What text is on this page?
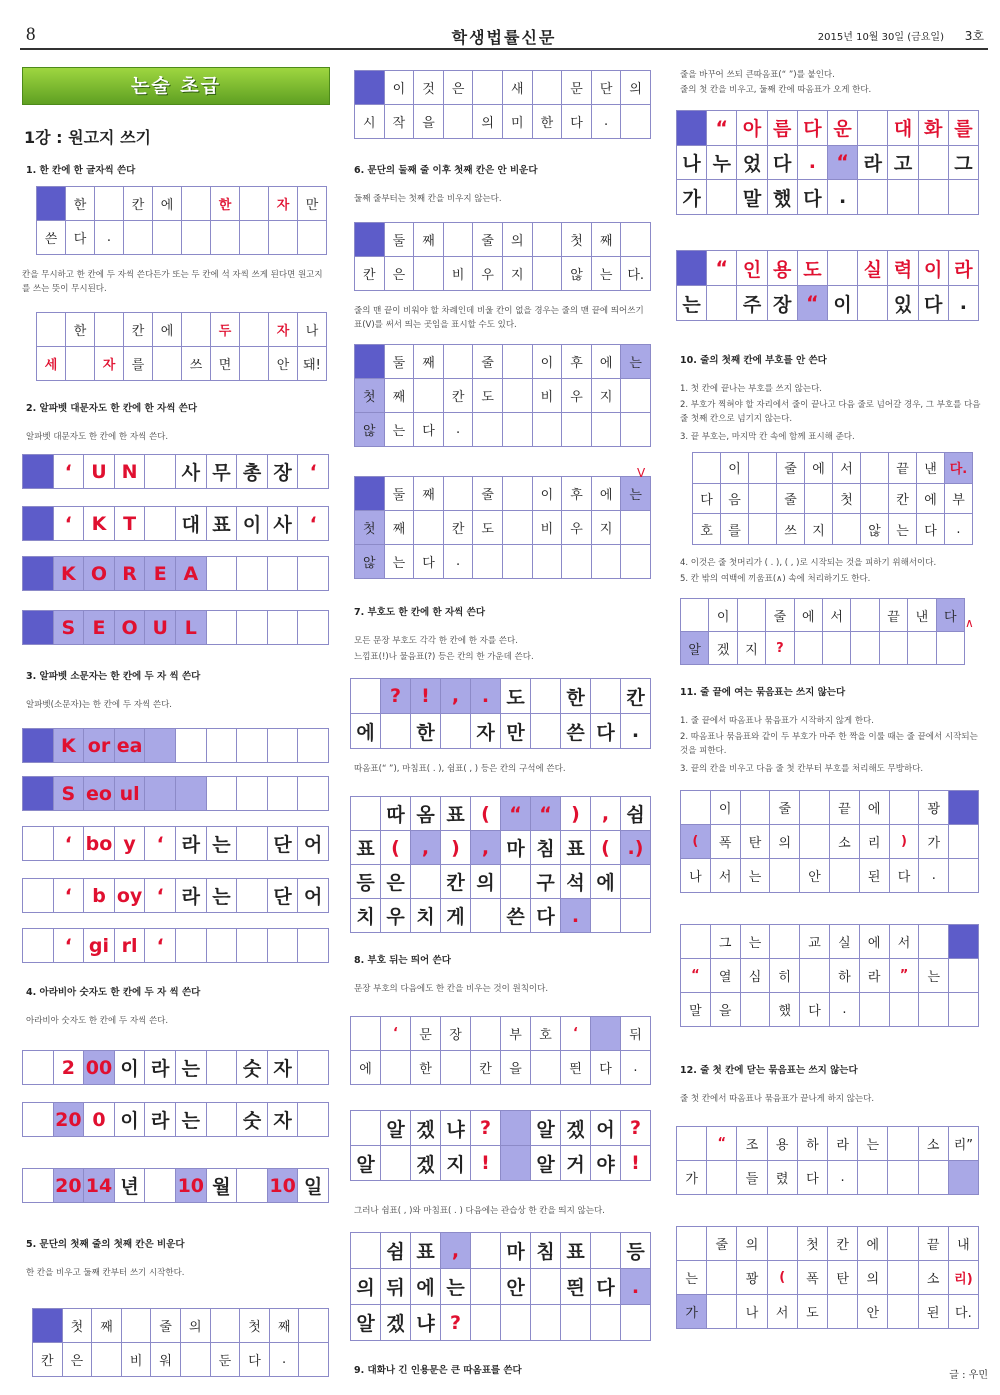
8	학생법률신문	2015년 10월 30일 (금요일) 3호
논술 초급
1강 : 원고지 쓰기
1. 한 칸에 한 글자씩 쓴다
한	칸	에	한	자	만
쓴	다	.
칸을 무시하고 한 칸에 두 자씩 쓴다든가 또는 두 칸에 석 자씩 쓰게 된다면 원고지를 쓰는 뜻이 무시된다.
한	칸	에	두	자	나
세	자	를	쓰	면	안	돼!
2. 알파벳 대문자도 한 칸에 한 자씩 쓴다
알파벳 대문자도 한 칸에 한 자씩 쓴다.
‘	U N	사 무 총 장 ‘
‘	K T	대 표 이 사 ‘
K O R E A
S E O U L
3. 알파벳 소문자는 한 칸에 두 자 씩 쓴다
알파벳(소문자)는 한 칸에 두 자씩 쓴다.
K or ea
S eo ul
‘ bo y	‘ 라 는	단 어
‘	b oy ‘ 라 는	단 어
‘ gi rl	‘
4. 아라비아 숫자도 한 칸에 두 자 씩 쓴다
아라비아 숫자도 한 칸에 두 자씩 쓴다.
2 00 이 라 는	숫 자
20 0 이 라 는	숫 자
20 14 년	10 월	10 일
5. 문단의 첫째 줄의 첫째 칸은 비운다
한 칸을 비우고 둘째 칸부터 쓰기 시작한다.
첫	째	줄	의	첫	째
칸	은	비	워	둔	다	.
이	것	은	새	문	단	의
시	작	을	의	미	한	다	.
6. 문단의 둘째 줄 이후 첫째 칸은 안 비운다
둘째 줄부터는 첫째 칸을 비우지 않는다.
둘	째	줄	의	첫	째
칸	은	비	우	지	않	는	다.
줄의 맨 끝이 비워야 할 차례인데 비울 칸이 없을 경우는 줄의 맨 끝에 띄어쓰기 표(V)를 써서 띄는 곳임을 표시할 수도 있다.
둘	째	줄	이	후	에	는
첫	째	칸	도	비	우	지
않	는	다	.
둘	째	줄	이	후	에	는
첫	째	칸	도	비	우	지
않	는	다	.
V
7. 부호도 한 칸에 한 자씩 쓴다
모든 문장 부호도 각각 한 칸에 한 자를 쓴다.
느낌표(!)나 물음표(?) 등은 칸의 한 가운데 쓴다.
?	!	,	. 도	한	칸
에	한	자 만	쓴 다 .
따옴표(“ ”), 마침표( . ), 쉼표( , ) 등은 칸의 구석에 쓴다.
따 옴 표 (	“ “	)	, 쉼
표 (	,	)	, 마 침 표 ( .)
등 은	칸 의	구 석 에
치 우 치 게	쓴 다 .
8. 부호 뒤는 띄어 쓴다
문장 부호의 다음에도 한 칸을 비우는 것이 원칙이다.
‘	문	장	부	호	‘	뒤
에	한	칸	을	띈	다	.
알 겠 냐 ?	알 겠 어 ?
알	겠 지 !	알 거 야 !
그러나 쉼표( , )와 마침표( . ) 다음에는 관습상 한 칸을 띄지 않는다.
쉼 표 ,	마 침 표	등
의 뒤 에 는	안	띈 다 .
알 겠 냐 ?
9. 대화나 긴 인용문은 큰 따옴표를 쓴다
줄을 바꾸어 쓰되 큰따옴표(“ ”)를 붙인다.
줄의 첫 칸을 비우고, 둘째 칸에 따옴표가 오게 한다.
“ 아 름 다 운	대 화 를
나 누 었 다 .	“ 라 고	그
가	말 했 다 .
“ 인 용 도	실 력 이 라
는	주 장 “ 이	있 다 .
10. 줄의 첫째 칸에 부호를 안 쓴다
1. 첫 칸에 끝나는 부호를 쓰지 않는다.
2. 부호가 찍혀야 할 자리에서 줄이 끝나고 다음 줄로 넘어갈 경우, 그 부호를 다음 줄 첫째 칸으로 넘기지 않는다.
3. 끝 부호는, 마지막 칸 속에 함께 표시해 준다.
이	줄	에	서	끝	낸 다.
다	음	줄	첫	칸	에	부
호	를	쓰	지	않	는	다	.
4. 이것은 줄 첫머리가 ( . ), ( , )로 시작되는 것을 피하기 위해서이다.
5. 칸 밖의 여백에 끼움표(∧) 속에 처리하기도 한다.
이	줄	에	서	끝	낸	다
알	겠	지	?
∧
11. 줄 끝에 여는 묶음표는 쓰지 않는다
1. 줄 끝에서 따옴표나 묶음표가 시작하지 않게 한다.
2. 따옴표나 묶음표와 같이 두 부호가 마주 한 짝을 이룰 때는 줄 끝에서 시작되는 것을 피한다.
3. 끝의 칸을 비우고 다음 줄 첫 칸부터 부호를 처리해도 무방하다.
이	줄	끝	에	꽝
(	폭	탄	의	소	리	)	가
나	서	는	안	된	다	.
그	는	교	실	에	서
“	열	심	히	하	라	”	는
말	을	했	다	.
12. 줄 첫 칸에 닫는 묶음표는 쓰지 않는다
줄 첫 칸에서 따옴표나 묶음표가 끝나게 하지 않는다.
“	조	용	하	라	는	소	리”
가	들	렸	다	.
줄	의	첫	칸	에	끝	내
는	꽝	(	폭	탄	의	소	리)
가	나	서	도	안	된	다.
글 : 우민
